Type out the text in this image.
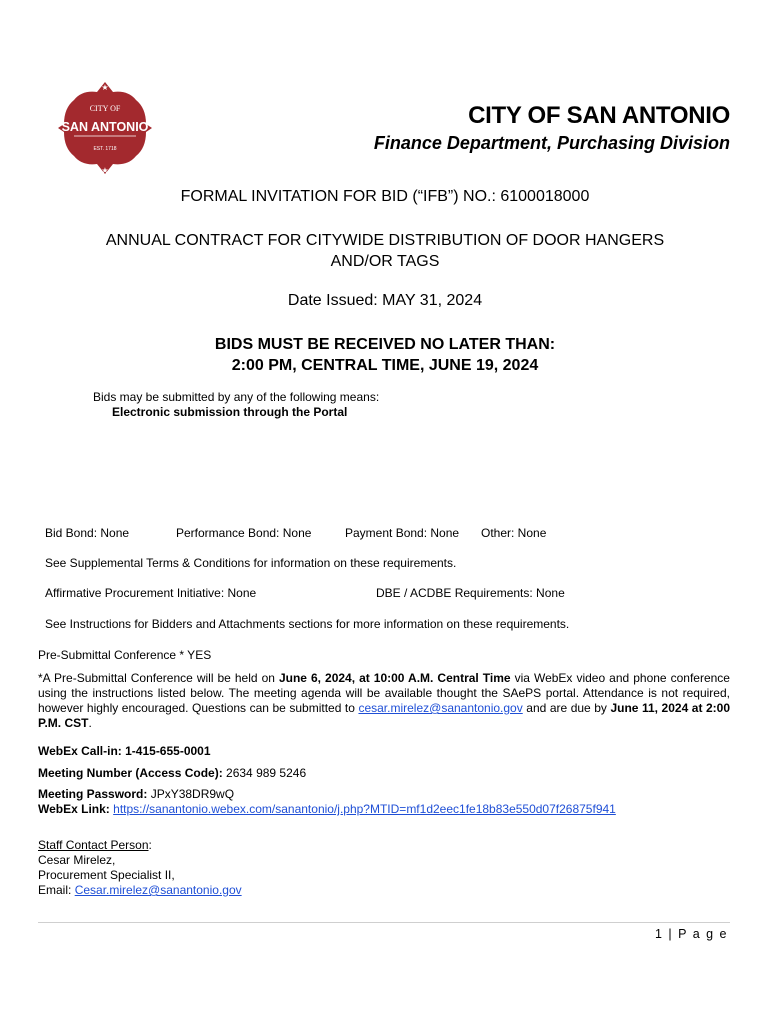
★
★
CITY OF
SAN ANTONIO
EST. 1718
CITY OF SAN ANTONIO
Finance Department, Purchasing Division
FORMAL INVITATION FOR BID (“IFB”) NO.: 6100018000
ANNUAL CONTRACT FOR CITYWIDE DISTRIBUTION OF DOOR HANGERS
AND/OR TAGS
Date Issued: MAY 31, 2024
BIDS MUST BE RECEIVED NO LATER THAN:
2:00 PM, CENTRAL TIME, JUNE 19, 2024
Bids may be submitted by any of the following means:
Electronic submission through the Portal
Bid Bond: None	Performance Bond: None	Payment Bond: None Other: None
See Supplemental Terms & Conditions for information on these requirements.
Affirmative Procurement Initiative: None	DBE / ACDBE Requirements: None
See Instructions for Bidders and Attachments sections for more information on these requirements.
Pre-Submittal Conference * YES
*A Pre-Submittal Conference will be held on June 6, 2024, at 10:00 A.M. Central Time via WebEx video and phone conference using the instructions listed below. The meeting agenda will be available thought the SAePS portal. Attendance is not required, however highly encouraged. Questions can be submitted to cesar.mirelez@sanantonio.gov and are due by June 11, 2024 at 2:00 P.M. CST.
WebEx Call-in: 1-415-655-0001
Meeting Number (Access Code): 2634 989 5246
Meeting Password: JPxY38DR9wQ
WebEx Link: https://sanantonio.webex.com/sanantonio/j.php?MTID=mf1d2eec1fe18b83e550d07f26875f941
Staff Contact Person:
Cesar Mirelez,
Procurement Specialist II,
Email: Cesar.mirelez@sanantonio.gov
1 | P a g e
